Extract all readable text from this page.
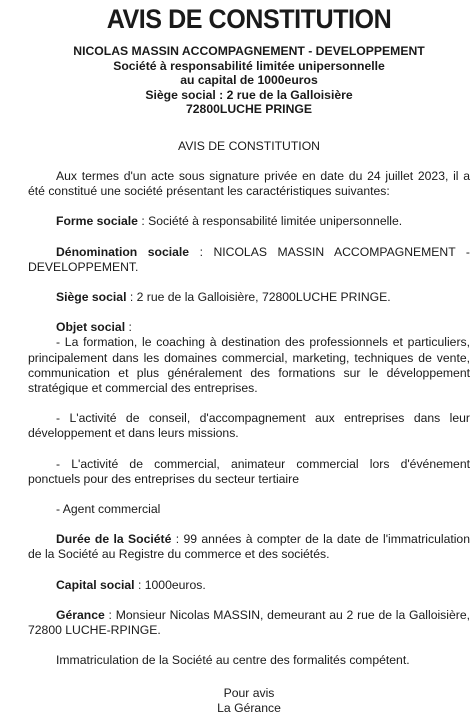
AVIS DE CONSTITUTION
NICOLAS MASSIN ACCOMPAGNEMENT - DEVELOPPEMENT
Société à responsabilité limitée unipersonnelle
au capital de 1000euros
Siège social : 2 rue de la Galloisière
72800LUCHE PRINGE
AVIS DE CONSTITUTION

Aux termes d'un acte sous signature privée en date du 24 juillet 2023, il a été constitué une société présentant les caractéristiques suivantes:

Forme sociale : Société à responsabilité limitée unipersonnelle.

Dénomination sociale : NICOLAS MASSIN ACCOMPAGNEMENT - DEVELOPPEMENT.

Siège social : 2 rue de la Galloisière, 72800LUCHE PRINGE.

Objet social :

- La formation, le coaching à destination des professionnels et particuliers, principalement dans les domaines commercial, marketing, techniques de vente, communication et plus généralement des formations sur le développement stratégique et commercial des entreprises.

- L'activité de conseil, d'accompagnement aux entreprises dans leur développement et dans leurs missions.

- L'activité de commercial, animateur commercial lors d'événement ponctuels pour des entreprises du secteur tertiaire

- Agent commercial

Durée de la Société : 99 années à compter de la date de l'immatriculation de la Société au Registre du commerce et des sociétés.

Capital social : 1000euros.

Gérance : Monsieur Nicolas MASSIN, demeurant au 2 rue de la Galloisière, 72800 LUCHE-RPINGE.

Immatriculation de la Société au centre des formalités compétent.

Pour avis
La Gérance
